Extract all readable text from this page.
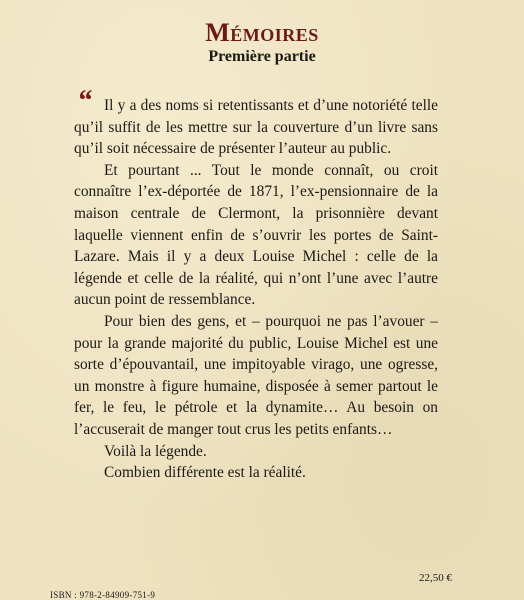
MÉMOIRES
Première partie
“ Il y a des noms si retentissants et d’une notoriété telle qu’il suffit de les mettre sur la couverture d’un livre sans qu’il soit nécessaire de présenter l’auteur au public.

Et pourtant ... Tout le monde connaît, ou croit connaître l’ex-déportée de 1871, l’ex-pensionnaire de la maison centrale de Clermont, la prisonnière devant laquelle viennent enfin de s’ouvrir les portes de Saint-Lazare. Mais il y a deux Louise Michel : celle de la légende et celle de la réalité, qui n’ont l’une avec l’autre aucun point de ressemblance.

Pour bien des gens, et – pourquoi ne pas l’avouer – pour la grande majorité du public, Louise Michel est une sorte d’épouvantail, une impitoyable virago, une ogresse, un monstre à figure humaine, disposée à semer partout le fer, le feu, le pétrole et la dynamite… Au besoin on l’accuserait de manger tout crus les petits enfants…

Voilà la légende.

Combien différente est la réalité.

22,50 €
ISBN : 978-2-84909-751-9
